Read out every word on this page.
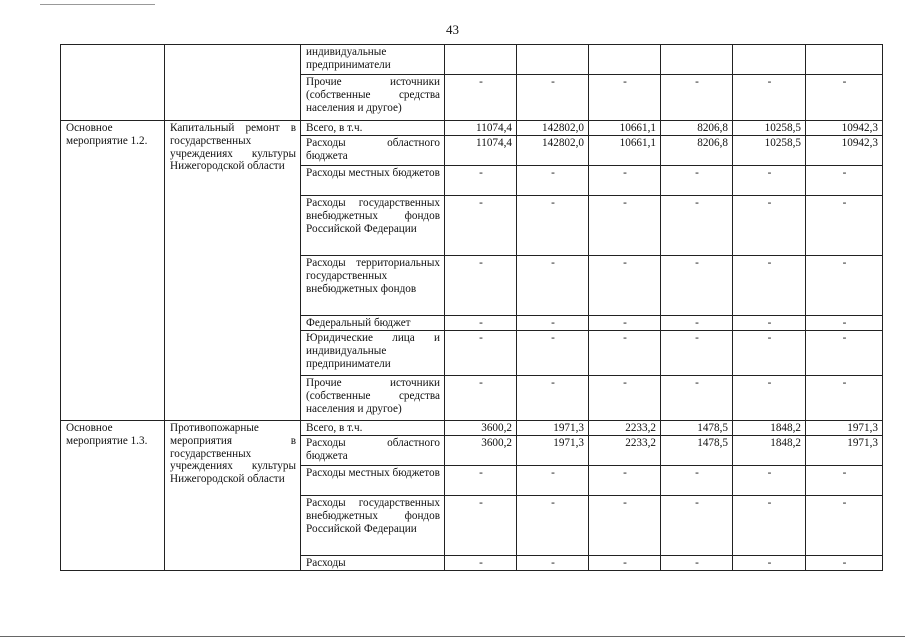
43
		индивидуальные предприниматели						
		Прочие источники (собственные средства населения и другое)	-	-	-	-	-	-
Основное мероприятие 1.2.	Капитальный ремонт в государственных учреждениях культуры Нижегородской области	Всего, в т.ч.	11074,4	142802,0	10661,1	8206,8	10258,5	10942,3
		Расходы областного бюджета	11074,4	142802,0	10661,1	8206,8	10258,5	10942,3
		Расходы местных бюджетов	-	-	-	-	-	-
		Расходы государственных внебюджетных фондов Российской Федерации	-	-	-	-	-	-
		Расходы территориальных государственных внебюджетных фондов	-	-	-	-	-	-
		Федеральный бюджет	-	-	-	-	-	-
		Юридические лица и индивидуальные предприниматели	-	-	-	-	-	-
		Прочие источники (собственные средства населения и другое)	-	-	-	-	-	-
Основное мероприятие 1.3.	Противопожарные мероприятия в государственных учреждениях культуры Нижегородской области	Всего, в т.ч.	3600,2	1971,3	2233,2	1478,5	1848,2	1971,3
		Расходы областного бюджета	3600,2	1971,3	2233,2	1478,5	1848,2	1971,3
		Расходы местных бюджетов	-	-	-	-	-	-
		Расходы государственных внебюджетных фондов Российской Федерации	-	-	-	-	-	-
		Расходы	-	-	-	-	-	-
